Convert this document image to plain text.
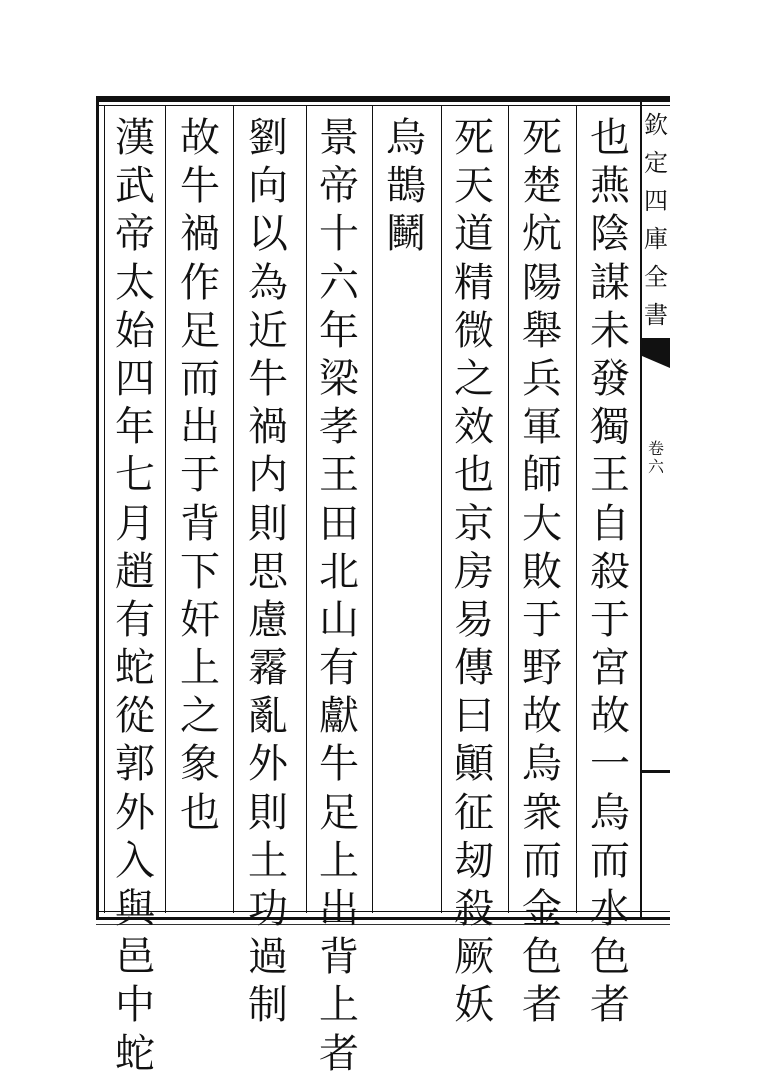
欽
定
四
庫
全
書
卷
六
也
燕
陰
謀
未
發
獨
王
自
殺
于
宮
故
一
烏
而
水
色
者
死
楚
炕
陽
舉
兵
軍
師
大
敗
于
野
故
烏
衆
而
金
色
者
死
天
道
精
微
之
效
也
京
房
易
傳
曰
顚
征
刼
殺
厥
妖
烏
鵲
鬭
景
帝
十
六
年
梁
孝
王
田
北
山
有
獻
牛
足
上
出
背
上
者
劉
向
以
為
近
牛
禍
内
則
思
慮
霿
亂
外
則
土
功
過
制
故
牛
禍
作
足
而
出
于
背
下
奸
上
之
象
也
漢
武
帝
太
始
四
年
七
月
趙
有
蛇
從
郭
外
入
與
邑
中
蛇
